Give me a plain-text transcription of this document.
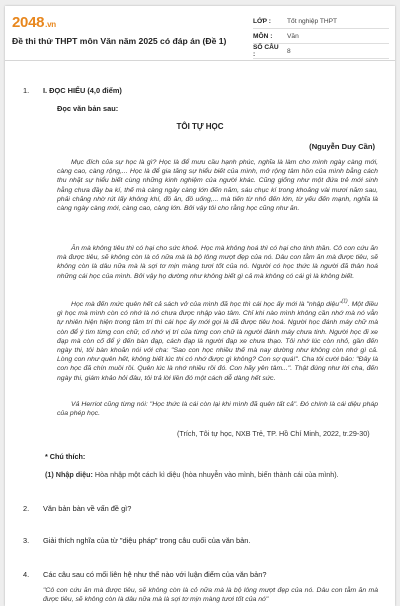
2048.vn
Đề thi thử THPT môn Văn năm 2025 có đáp án (Đề 1)
LỚP :	Tốt nghiệp THPT
MÔN :	Văn
SỐ CÂU :	8
1. I. ĐỌC HIỂU (4,0 điểm)
Đọc văn bản sau:
TÔI TỰ HỌC
(Nguyễn Duy Cần)
Mục đích của sự học là gì? Học là để mưu cầu hạnh phúc, nghĩa là làm cho mình ngày càng mới, càng cao, càng rộng,... Học là để gia tăng sự hiểu biết của mình, mở rộng tâm hồn của mình bằng cách thu nhặt sự hiểu biết cùng những kinh nghiệm của người khác. Cũng giống như một đứa trẻ mới sinh hằng chưa đầy ba kí, thế mà càng ngày càng lớn đến năm, sáu chục kí trong khoảng vài mươi năm sau, phải chăng nhờ rút lấy không khí, đồ ăn, đồ uống,... mà tiến từ nhỏ đến lớn, từ yếu đến mạnh, nghĩa là càng ngày càng mới, càng cao, càng lớn. Bởi vậy tôi cho rằng học cũng như ăn.
Ăn mà không tiêu thì có hại cho sức khoẻ. Học mà không hoá thì có hại cho tinh thần. Cô con cứu ăn mà được tiêu, sẽ không còn là cỏ nữa mà là bộ lông mượt đẹp của nó. Dâu con tằm ăn mà được tiêu, sẽ không còn là dâu nữa mà là sợi tơ mịn màng tươi tốt của nó. Người có học thức là người đã thân hoá những cái học của mình. Bởi vậy họ dường như không biết gì cả mà không có cái gì là không biết.
Học mà đến mức quên hết cả sách vở của mình đã học thì cái học ấy mới là "nhập diệu"$^{(1)}$. Một điều gì học mà mình còn có nhớ là nó chưa được nhập vào tâm. Chỉ khi nào mình không cần nhớ mà nó vẫn tự nhiên hiện hiện trong tâm trí thì cái học ấy mới gọi là đã được tiêu hoá. Người học đánh máy chữ mà còn để ý tìm từng con chữ, cố nhớ vị trí của từng con chữ là người đánh máy chưa tinh. Người học đi xe đạp mà còn cố để ý đến bàn đạp, cách đạp là người đạp xe chưa thạo. Tôi nhớ lúc còn nhỏ, gần đến ngày thi, tôi bàn khoăn nói với cha: "Sao con học nhiều thế mà nay dường như không còn nhớ gì cả. Lòng con như quên hết, không biết lúc thi có nhớ được gì không? Con sợ quá!". Cha tôi cười bảo: "Đây là con học đã chín muồi rồi. Quên lúc là nhớ nhiều rồi đó. Con hãy yên tâm...". Thật đúng như lời cha, đến ngày thi, giám khảo hỏi đâu, tôi trả lời liền đó một cách dễ dàng hết sức.
Vả Herriot cũng từng nói: "Học thức là cái còn lại khi mình đã quên tất cả". Đó chính là cái diệu pháp của phép học.
(Trích, Tôi tự học, NXB Trẻ, TP. Hồ Chí Minh, 2022, tr.29-30)
* Chú thích:
(1) Nhập diệu: Hòa nhập một cách kì diệu (hòa nhuyễn vào mình, biến thành cái của mình).
2. Văn bản bàn về vấn đề gì?
3. Giải thích nghĩa của từ "diệu pháp" trong câu cuối của văn bản.
4. Các câu sau có mối liên hệ như thế nào với luận điểm của văn bản?
"Cô con cứu ăn mà được tiêu, sẽ không còn là cỏ nữa mà là bộ lông mượt đẹp của nó. Dâu con tằm ăn mà được tiêu, sẽ không còn là dâu nữa mà là sợi tơ mịn màng tươi tốt của nó"
